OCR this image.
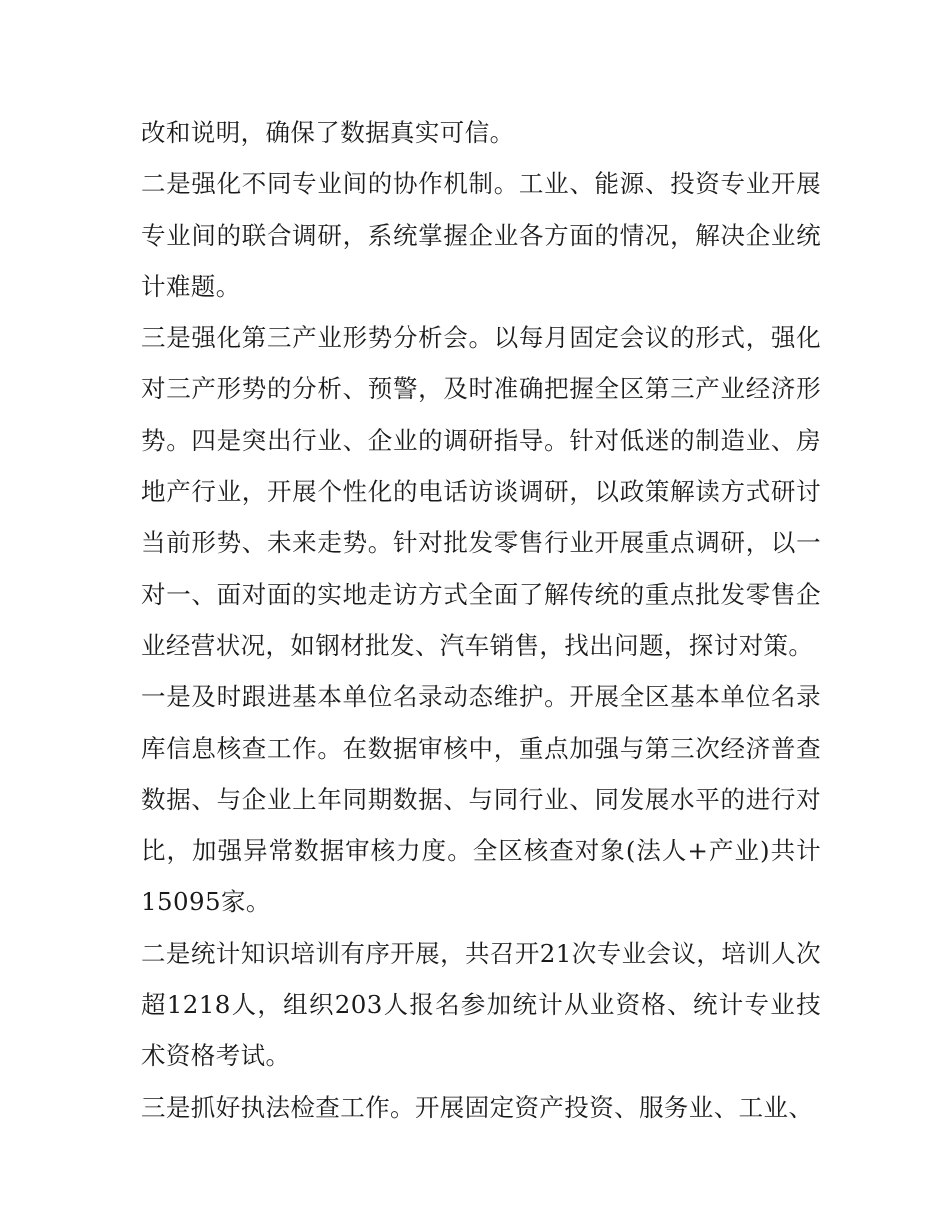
改和说明，确保了数据真实可信。

二是强化不同专业间的协作机制。工业、能源、投资专业开展专业间的联合调研，系统掌握企业各方面的情况，解决企业统计难题。

三是强化第三产业形势分析会。以每月固定会议的形式，强化对三产形势的分析、预警，及时准确把握全区第三产业经济形势。四是突出行业、企业的调研指导。针对低迷的制造业、房地产行业，开展个性化的电话访谈调研，以政策解读方式研讨当前形势、未来走势。针对批发零售行业开展重点调研，以一对一、面对面的实地走访方式全面了解传统的重点批发零售企业经营状况，如钢材批发、汽车销售，找出问题，探讨对策。

一是及时跟进基本单位名录动态维护。开展全区基本单位名录库信息核查工作。在数据审核中，重点加强与第三次经济普查数据、与企业上年同期数据、与同行业、同发展水平的进行对比，加强异常数据审核力度。全区核查对象(法人+产业)共计15095家。

二是统计知识培训有序开展，共召开21次专业会议，培训人次超1218人，组织203人报名参加统计从业资格、统计专业技术资格考试。

三是抓好执法检查工作。开展固定资产投资、服务业、工业、
